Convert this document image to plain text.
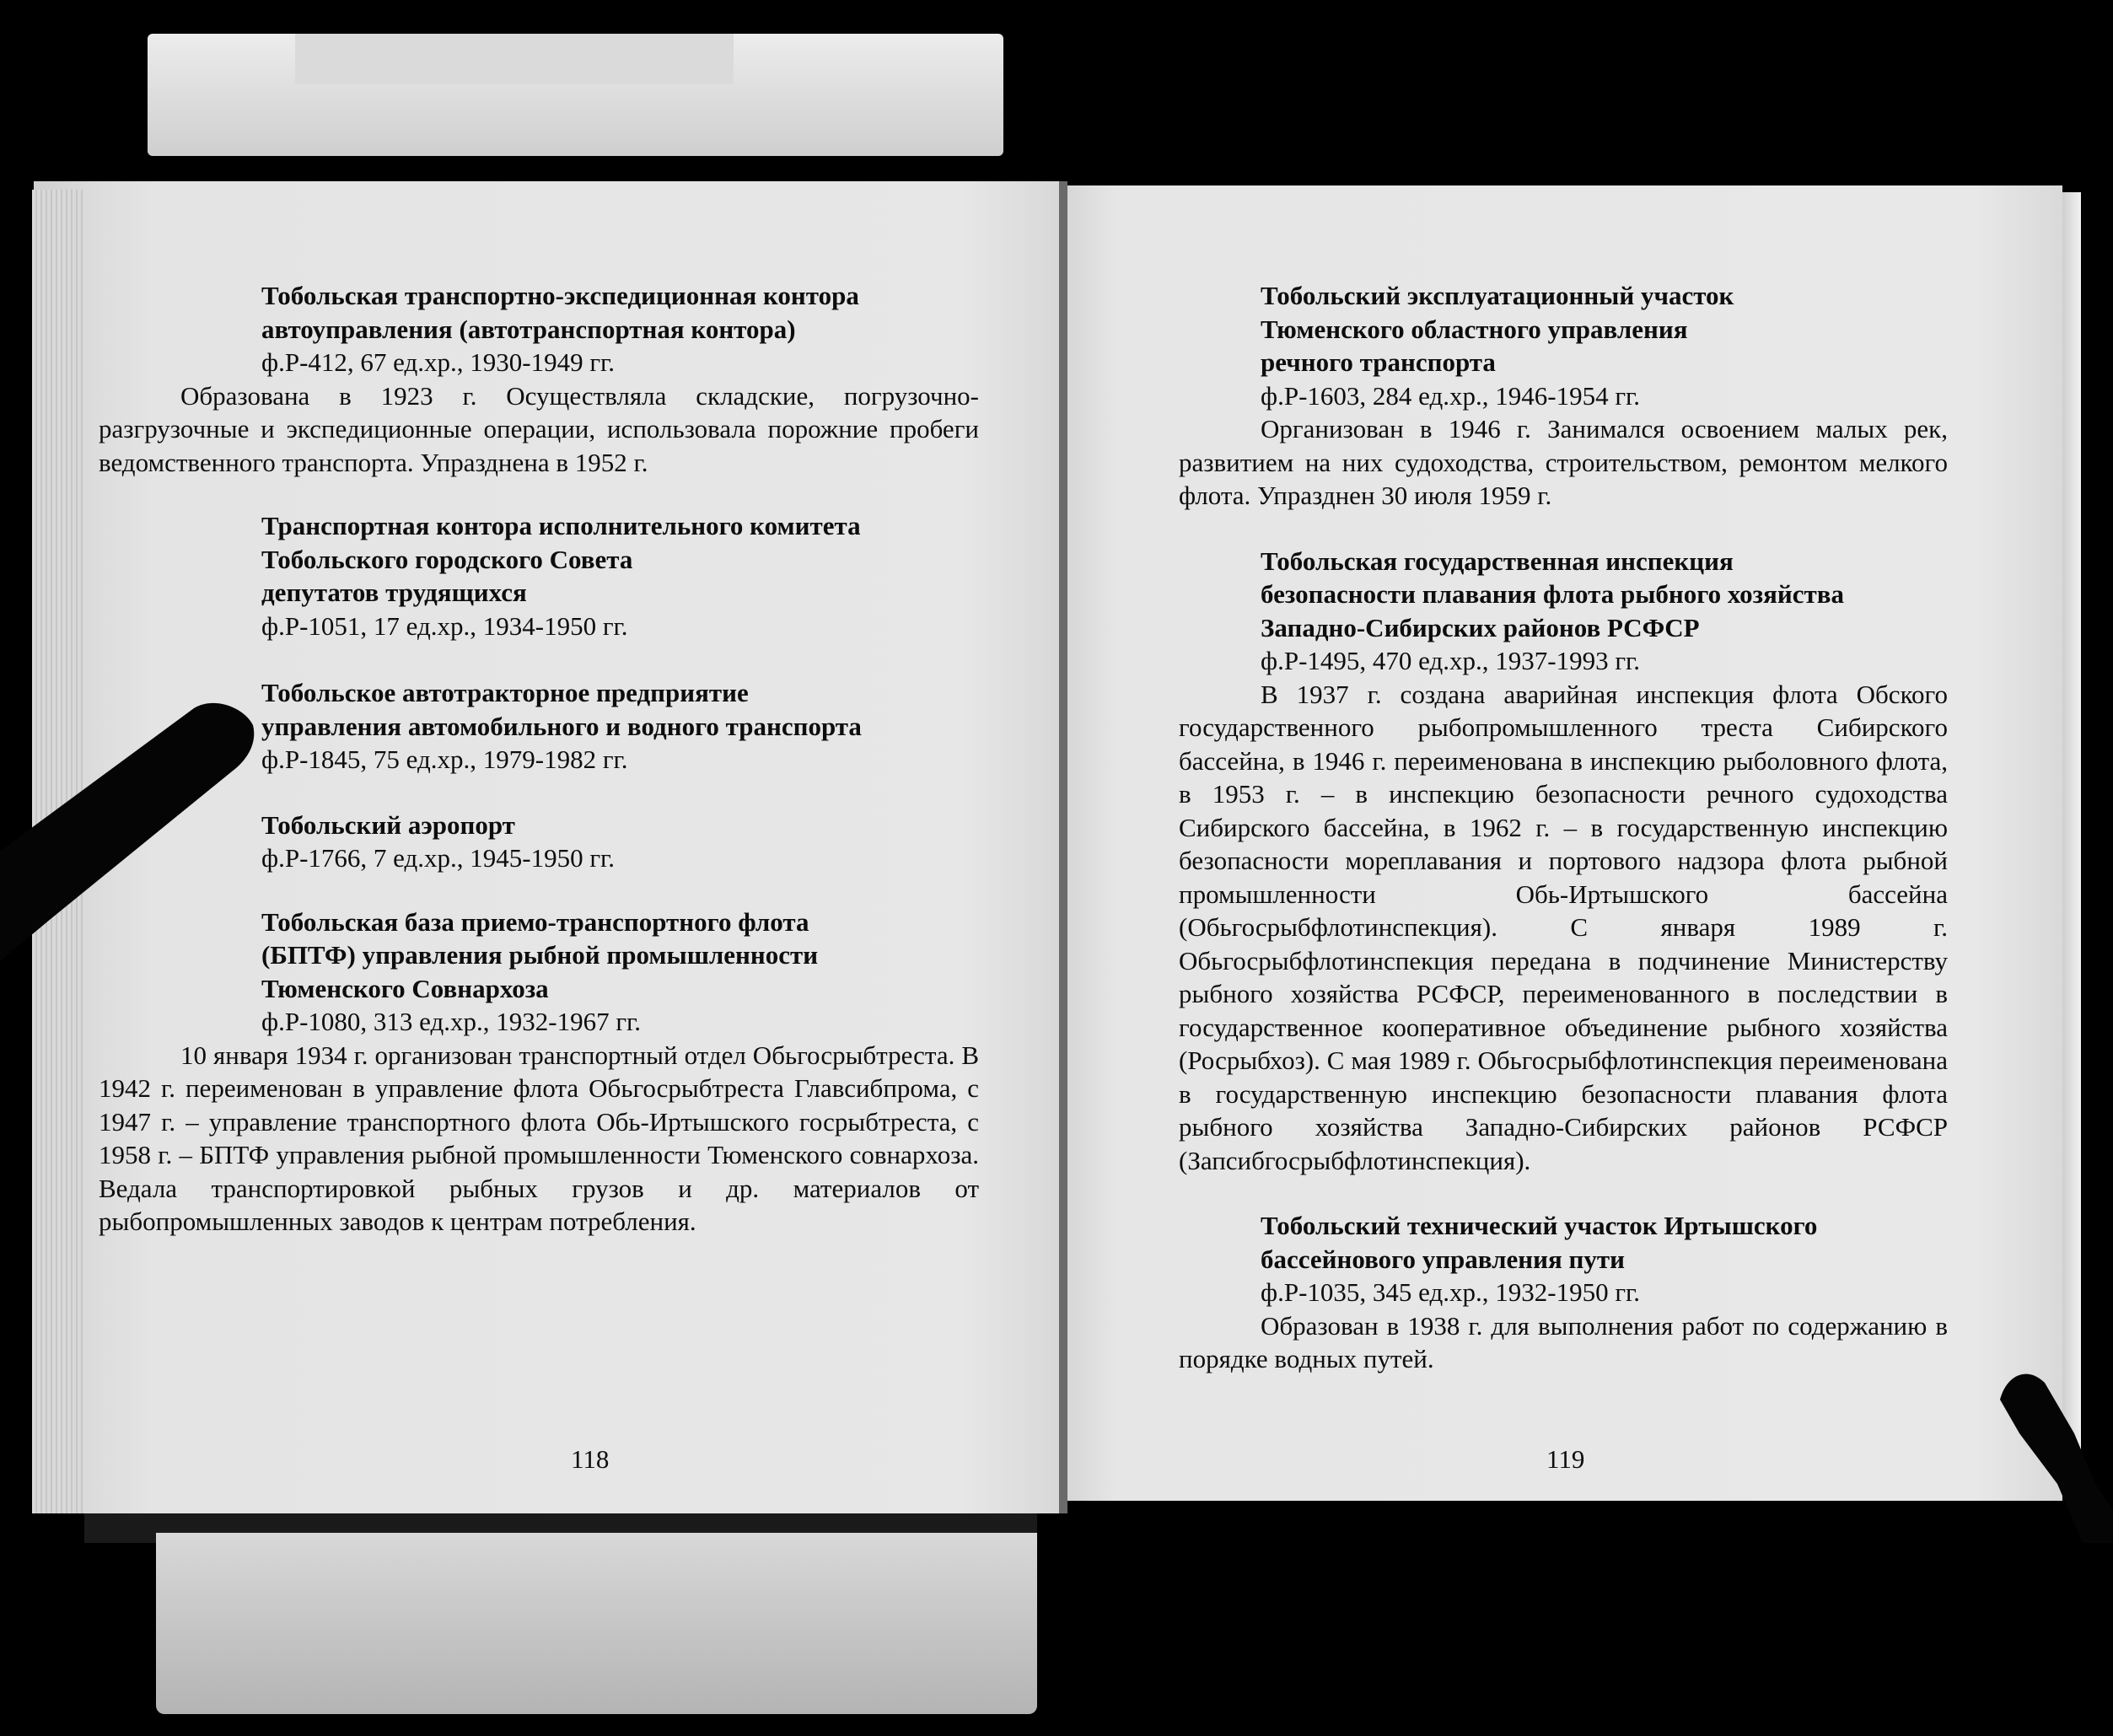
Тобольская транспортно-экспедиционная контора
автоуправления (автотранспортная контора)
ф.Р-412, 67 ед.хр., 1930-1949 гг.

Образована в 1923 г. Осуществляла складские, погрузочно-разгрузочные и экспедиционные операции, использовала порожние пробеги ведомственного транспорта. Упразднена в 1952 г.

Транспортная контора исполнительного комитета
Тобольского городского Совета
депутатов трудящихся
ф.Р-1051, 17 ед.хр., 1934-1950 гг.
Тобольское автотракторное предприятие
управления автомобильного и водного транспорта
ф.Р-1845, 75 ед.хр., 1979-1982 гг.
Тобольский аэропорт
ф.Р-1766, 7 ед.хр., 1945-1950 гг.
Тобольская база приемо-транспортного флота
(БПТФ) управления рыбной промышленности
Тюменского Совнархоза
ф.Р-1080, 313 ед.хр., 1932-1967 гг.

10 января 1934 г. организован транспортный отдел Обьгосрыбтреста. В 1942 г. переименован в управление флота Обьгосрыбтреста Главсибпрома, с 1947 г. – управление транспортного флота Обь-Иртышского госрыбтреста, с 1958 г. – БПТФ управления рыбной промышленности Тюменского совнархоза. Ведала транспортировкой рыбных грузов и др. материалов от рыбопромышленных заводов к центрам потребления.

Тобольский эксплуатационный участок
Тюменского областного управления
речного транспорта
ф.Р-1603, 284 ед.хр., 1946-1954 гг.

Организован в 1946 г. Занимался освоением малых рек, развитием на них судоходства, строительством, ремонтом мелкого флота. Упразднен 30 июля 1959 г.

Тобольская государственная инспекция
безопасности плавания флота рыбного хозяйства
Западно-Сибирских районов РСФСР
ф.Р-1495, 470 ед.хр., 1937-1993 гг.

В 1937 г. создана аварийная инспекция флота Обского государственного рыбопромышленного треста Сибирского бассейна, в 1946 г. переименована в инспекцию рыболовного флота, в 1953 г. – в инспекцию безопасности речного судоходства Сибирского бассейна, в 1962 г. – в государственную инспекцию безопасности мореплавания и портового надзора флота рыбной промышленности Обь-Иртышского бассейна (Обьгосрыбфлотинспекция). С января 1989 г. Обьгосрыбфлотинспекция передана в подчинение Министерству рыбного хозяйства РСФСР, переименованного в последствии в государственное кооперативное объединение рыбного хозяйства (Росрыбхоз). С мая 1989 г. Обьгосрыбфлотинспекция переименована в государственную инспекцию безопасности плавания флота рыбного хозяйства Западно-Сибирских районов РСФСР (Запсибгосрыбфлотинспекция).

Тобольский технический участок Иртышского
бассейнового управления пути
ф.Р-1035, 345 ед.хр., 1932-1950 гг.

Образован в 1938 г. для выполнения работ по содержанию в порядке водных путей.

118	119
